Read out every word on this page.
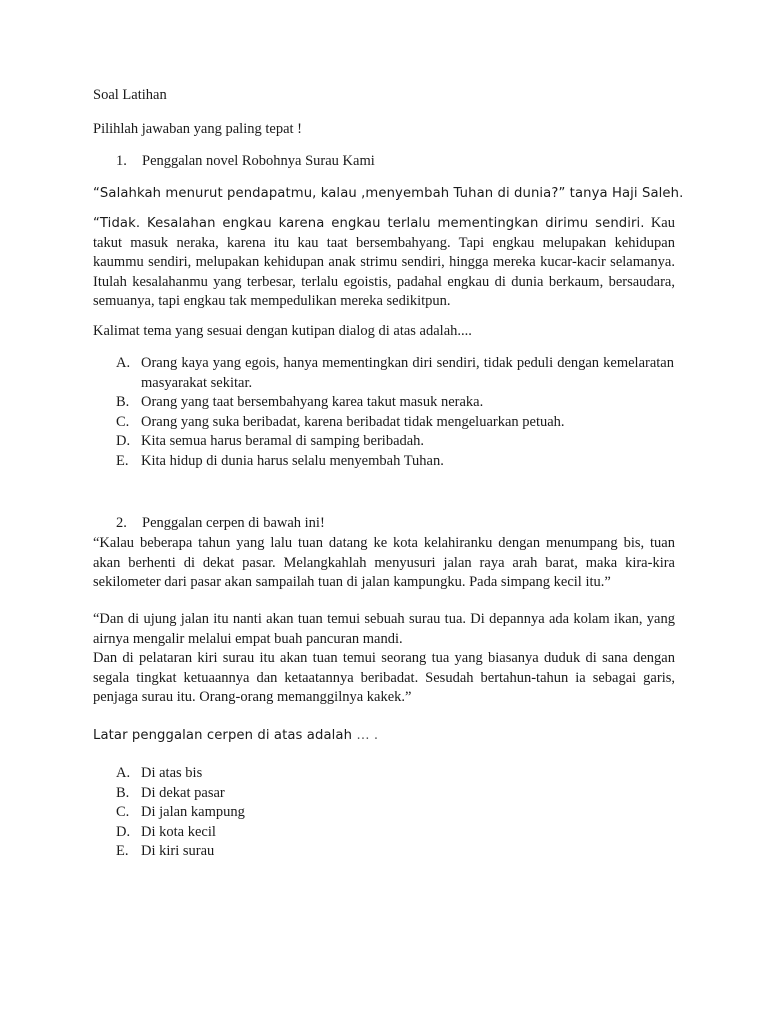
Soal Latihan
Pilihlah jawaban yang paling tepat !
1. Penggalan novel Robohnya Surau Kami
“Salahkah menurut pendapatmu, kalau ,menyembah Tuhan di dunia?” tanya Haji Saleh.
“Tidak. Kesalahan engkau karena engkau terlalu mementingkan dirimu sendiri. Kau takut masuk neraka, karena itu kau taat bersembahyang. Tapi engkau melupakan kehidupan kaummu sendiri, melupakan kehidupan anak strimu sendiri, hingga mereka kucar-kacir selamanya. Itulah kesalahanmu yang terbesar, terlalu egoistis, padahal engkau di dunia berkaum, bersaudara, semuanya, tapi engkau tak mempedulikan mereka sedikitpun.
Kalimat tema yang sesuai dengan kutipan dialog di atas adalah....
A. Orang kaya yang egois, hanya mementingkan diri sendiri, tidak peduli dengan kemelaratan masyarakat sekitar.
B. Orang yang taat bersembahyang karea takut masuk neraka.
C. Orang yang suka beribadat, karena beribadat tidak mengeluarkan petuah.
D. Kita semua harus beramal di samping beribadah.
E. Kita hidup di dunia harus selalu menyembah Tuhan.
2. Penggalan cerpen di bawah ini!
“Kalau beberapa tahun yang lalu tuan datang ke kota kelahiranku dengan menumpang bis, tuan akan berhenti di dekat pasar. Melangkahlah menyusuri jalan raya arah barat, maka kira-kira sekilometer dari pasar akan sampailah tuan di jalan kampungku. Pada simpang kecil itu.”
“Dan di ujung jalan itu nanti akan tuan temui sebuah surau tua. Di depannya ada kolam ikan, yang airnya mengalir melalui empat buah pancuran mandi.
Dan di pelataran kiri surau itu akan tuan temui seorang tua yang biasanya duduk di sana dengan segala tingkat ketuaannya dan ketaatannya beribadat. Sesudah bertahun-tahun ia sebagai garis, penjaga surau itu. Orang-orang memanggilnya kakek.”
Latar penggalan cerpen di atas adalah … .
A. Di atas bis
B. Di dekat pasar
C. Di jalan kampung
D. Di kota kecil
E. Di kiri surau
